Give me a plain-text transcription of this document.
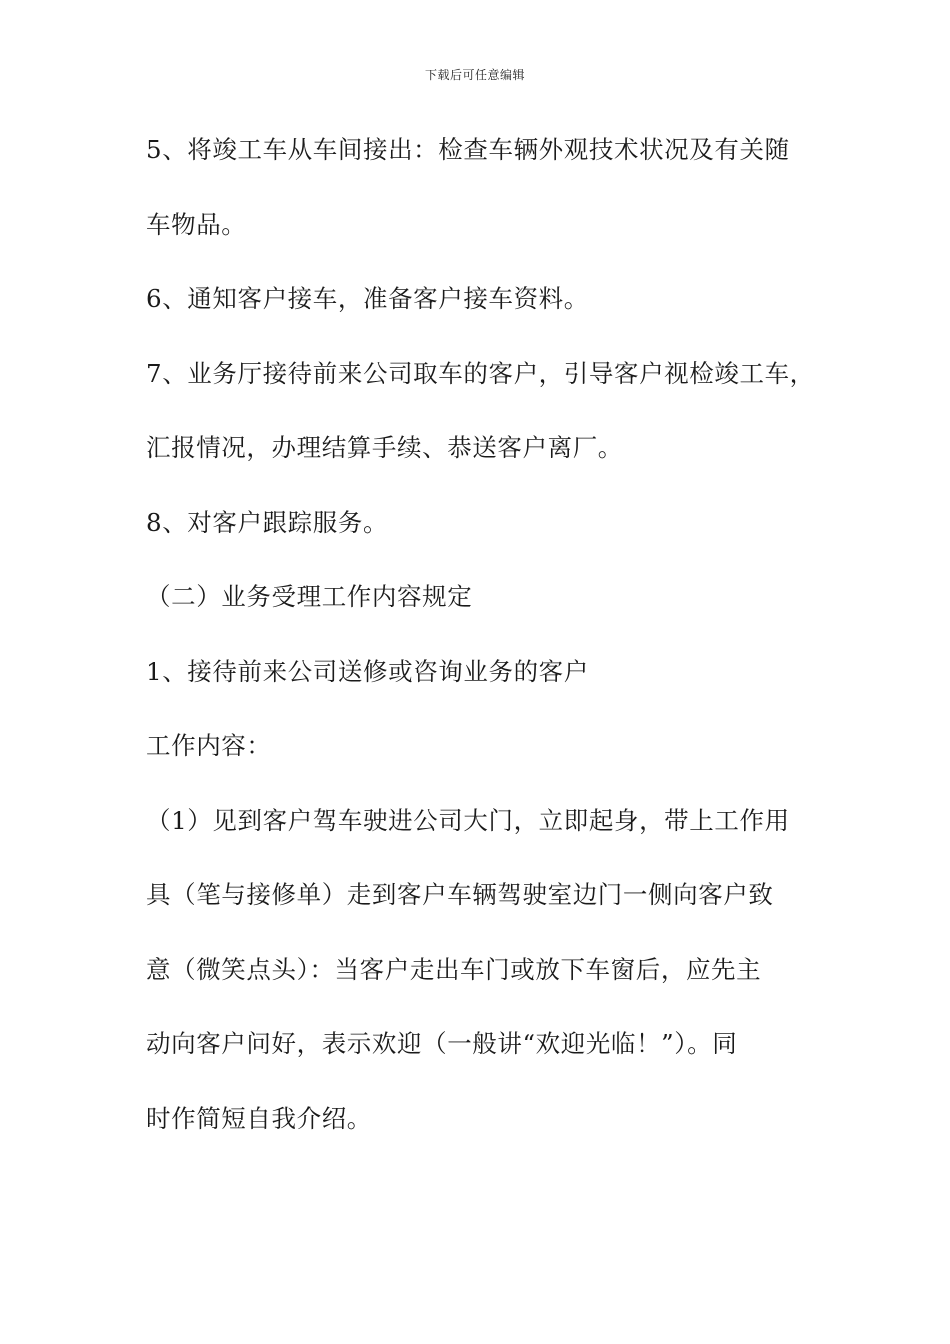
下载后可任意编辑
5、将竣工车从车间接出：检查车辆外观技术状况及有关随
车物品。
6、通知客户接车，准备客户接车资料。
7、业务厅接待前来公司取车的客户，引导客户视检竣工车，
汇报情况，办理结算手续、恭送客户离厂。
8、对客户跟踪服务。
（二）业务受理工作内容规定
1、接待前来公司送修或咨询业务的客户
工作内容：
（1）见到客户驾车驶进公司大门，立即起身，带上工作用
具（笔与接修单）走到客户车辆驾驶室边门一侧向客户致
意（微笑点头）：当客户走出车门或放下车窗后，应先主
动向客户问好，表示欢迎（一般讲“欢迎光临！”）。同
时作简短自我介绍。
